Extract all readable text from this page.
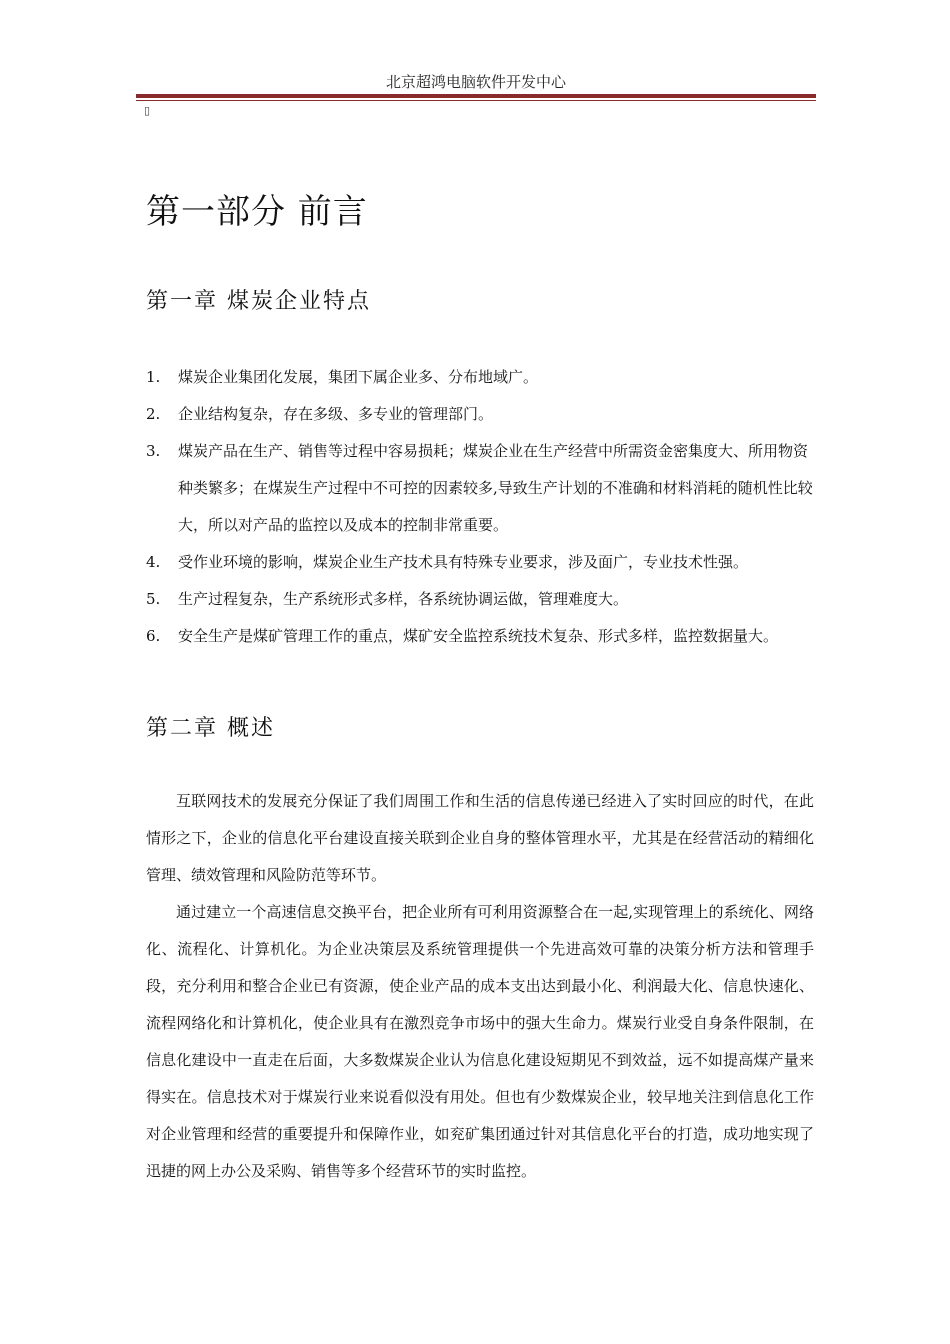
北京超鸿电脑软件开发中心
▯
第一部分 前言
第一章 煤炭企业特点
1. 煤炭企业集团化发展，集团下属企业多、分布地域广。
2. 企业结构复杂，存在多级、多专业的管理部门。
3. 煤炭产品在生产、销售等过程中容易损耗；煤炭企业在生产经营中所需资金密集度大、所用物资种类繁多；在煤炭生产过程中不可控的因素较多,导致生产计划的不准确和材料消耗的随机性比较大，所以对产品的监控以及成本的控制非常重要。
4. 受作业环境的影响，煤炭企业生产技术具有特殊专业要求，涉及面广，专业技术性强。
5. 生产过程复杂，生产系统形式多样，各系统协调运做，管理难度大。
6. 安全生产是煤矿管理工作的重点，煤矿安全监控系统技术复杂、形式多样，监控数据量大。
第二章 概述

互联网技术的发展充分保证了我们周围工作和生活的信息传递已经进入了实时回应的时代，在此情形之下，企业的信息化平台建设直接关联到企业自身的整体管理水平，尤其是在经营活动的精细化管理、绩效管理和风险防范等环节。

通过建立一个高速信息交换平台，把企业所有可利用资源整合在一起,实现管理上的系统化、网络化、流程化、计算机化。为企业决策层及系统管理提供一个先进高效可靠的决策分析方法和管理手段，充分利用和整合企业已有资源，使企业产品的成本支出达到最小化、利润最大化、信息快速化、流程网络化和计算机化，使企业具有在激烈竞争市场中的强大生命力。煤炭行业受自身条件限制，在信息化建设中一直走在后面，大多数煤炭企业认为信息化建设短期见不到效益，远不如提高煤产量来得实在。信息技术对于煤炭行业来说看似没有用处。但也有少数煤炭企业，较早地关注到信息化工作对企业管理和经营的重要提升和保障作业，如兖矿集团通过针对其信息化平台的打造，成功地实现了迅捷的网上办公及采购、销售等多个经营环节的实时监控。
